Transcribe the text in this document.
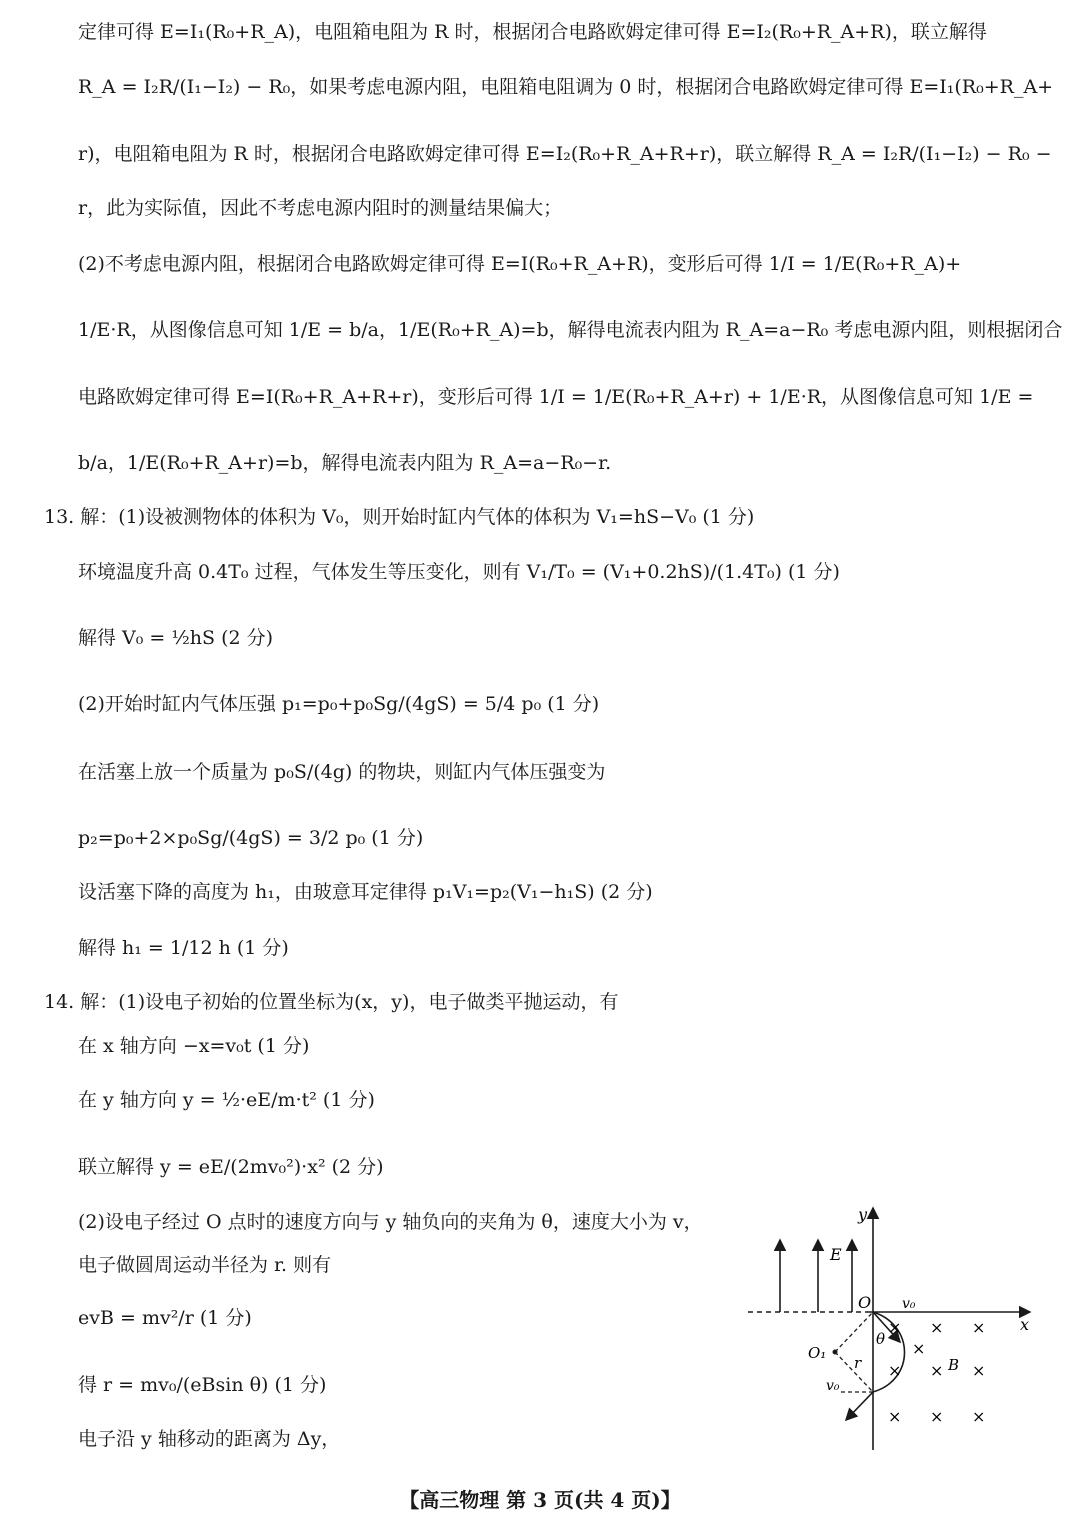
定律可得 E=I₁(R₀+R_A)，电阻箱电阻为 R 时，根据闭合电路欧姆定律可得 E=I₂(R₀+R_A+R)，联立解得
R_A = I₂R/(I₁−I₂) − R₀，如果考虑电源内阻，电阻箱电阻调为 0 时，根据闭合电路欧姆定律可得 E=I₁(R₀+R_A+
r)，电阻箱电阻为 R 时，根据闭合电路欧姆定律可得 E=I₂(R₀+R_A+R+r)，联立解得 R_A = I₂R/(I₁−I₂) − R₀ −
r，此为实际值，因此不考虑电源内阻时的测量结果偏大；
(2)不考虑电源内阻，根据闭合电路欧姆定律可得 E=I(R₀+R_A+R)，变形后可得 1/I = 1/E(R₀+R_A)+
1/E·R，从图像信息可知 1/E = b/a，1/E(R₀+R_A)=b，解得电流表内阻为 R_A=a−R₀ 考虑电源内阻，则根据闭合
电路欧姆定律可得 E=I(R₀+R_A+R+r)，变形后可得 1/I = 1/E(R₀+R_A+r) + 1/E·R，从图像信息可知 1/E =
b/a，1/E(R₀+R_A+r)=b，解得电流表内阻为 R_A=a−R₀−r.
13. 解：(1)设被测物体的体积为 V₀，则开始时缸内气体的体积为 V₁=hS−V₀ (1 分)
环境温度升高 0.4T₀ 过程，气体发生等压变化，则有 V₁/T₀ = (V₁+0.2hS)/(1.4T₀) (1 分)
解得 V₀ = ½hS (2 分)
(2)开始时缸内气体压强 p₁=p₀+p₀Sg/(4gS) = 5/4 p₀ (1 分)
在活塞上放一个质量为 p₀S/(4g) 的物块，则缸内气体压强变为
p₂=p₀+2×p₀Sg/(4gS) = 3/2 p₀ (1 分)
设活塞下降的高度为 h₁，由玻意耳定律得 p₁V₁=p₂(V₁−h₁S) (2 分)
解得 h₁ = 1/12 h (1 分)
14. 解：(1)设电子初始的位置坐标为(x，y)，电子做类平抛运动，有
在 x 轴方向 −x=v₀t (1 分)
在 y 轴方向 y = ½·eE/m·t² (1 分)
联立解得 y = eE/(2mv₀²)·x² (2 分)
(2)设电子经过 O 点时的速度方向与 y 轴负向的夹角为 θ，速度大小为 v，
电子做圆周运动半径为 r. 则有
evB = mv²/r (1 分)
得 r = mv₀/(eBsin θ) (1 分)
电子沿 y 轴移动的距离为 Δy，
y
x
O
E
v₀
θ
O₁
r
v₀
× × ×
× × ×
B
× × ×
×
【高三物理 第 3 页(共 4 页)】
